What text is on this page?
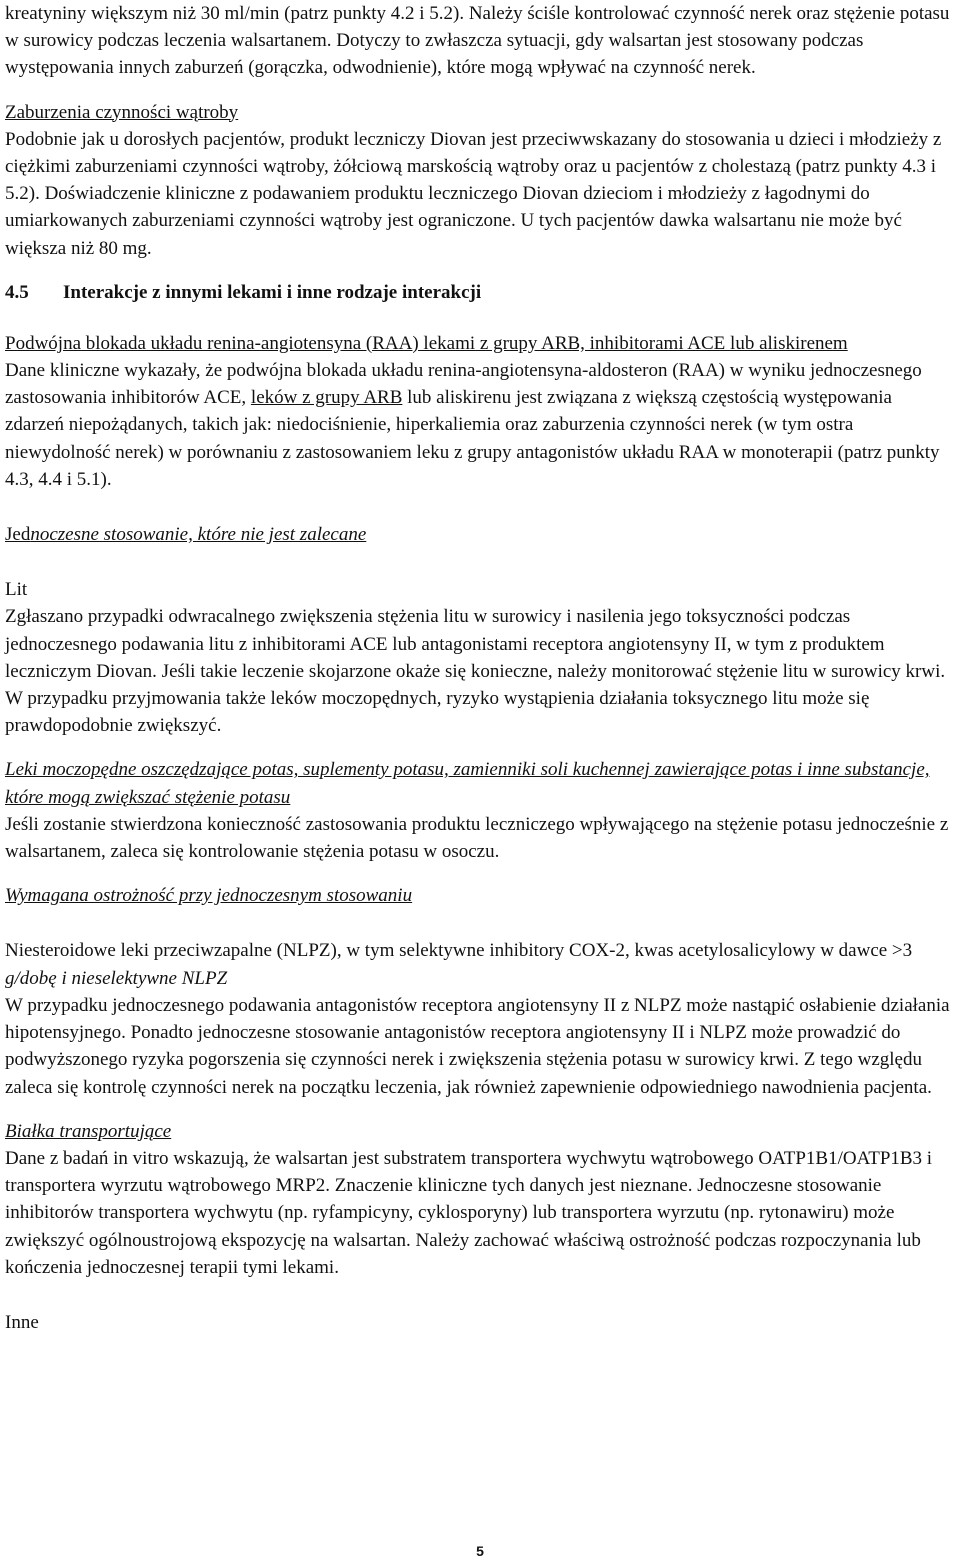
kreatyniny większym niż 30 ml/min (patrz punkty 4.2 i 5.2). Należy ściśle kontrolować czynność nerek oraz stężenie potasu w surowicy podczas leczenia walsartanem. Dotyczy to zwłaszcza sytuacji, gdy walsartan jest stosowany podczas występowania innych zaburzeń (gorączka, odwodnienie), które mogą wpływać na czynność nerek.

Zaburzenia czynności wątroby

Podobnie jak u dorosłych pacjentów, produkt leczniczy Diovan jest przeciwwskazany do stosowania u dzieci i młodzieży z ciężkimi zaburzeniami czynności wątroby, żółciową marskością wątroby oraz u pacjentów z cholestazą (patrz punkty 4.3 i 5.2). Doświadczenie kliniczne z podawaniem produktu leczniczego Diovan dzieciom i młodzieży z łagodnymi do umiarkowanych zaburzeniami czynności wątroby jest ograniczone. U tych pacjentów dawka walsartanu nie może być większa niż 80 mg.

4.5 Interakcje z innymi lekami i inne rodzaje interakcji

Podwójna blokada układu renina-angiotensyna (RAA) lekami z grupy ARB, inhibitorami ACE lub aliskirenem

Dane kliniczne wykazały, że podwójna blokada układu renina-angiotensyna-aldosteron (RAA) w wyniku jednoczesnego zastosowania inhibitorów ACE, leków z grupy ARB lub aliskirenu jest związana z większą częstością występowania zdarzeń niepożądanych, takich jak: niedociśnienie, hiperkaliemia oraz zaburzenia czynności nerek (w tym ostra niewydolność nerek) w porównaniu z zastosowaniem leku z grupy antagonistów układu RAA w monoterapii (patrz punkty 4.3, 4.4 i 5.1).

Jednoczesne stosowanie, które nie jest zalecane

Lit

Zgłaszano przypadki odwracalnego zwiększenia stężenia litu w surowicy i nasilenia jego toksyczności podczas jednoczesnego podawania litu z inhibitorami ACE lub antagonistami receptora angiotensyny II, w tym z produktem leczniczym Diovan. Jeśli takie leczenie skojarzone okaże się konieczne, należy monitorować stężenie litu w surowicy krwi. W przypadku przyjmowania także leków moczopędnych, ryzyko wystąpienia działania toksycznego litu może się prawdopodobnie zwiększyć.

Leki moczopędne oszczędzające potas, suplementy potasu, zamienniki soli kuchennej zawierające potas i inne substancje, które mogą zwiększać stężenie potasu

Jeśli zostanie stwierdzona konieczność zastosowania produktu leczniczego wpływającego na stężenie potasu jednocześnie z walsartanem, zaleca się kontrolowanie stężenia potasu w osoczu.

Wymagana ostrożność przy jednoczesnym stosowaniu

Niesteroidowe leki przeciwzapalne (NLPZ), w tym selektywne inhibitory COX-2, kwas acetylosalicylowy w dawce >3 g/dobę i nieselektywne NLPZ

W przypadku jednoczesnego podawania antagonistów receptora angiotensyny II z NLPZ może nastąpić osłabienie działania hipotensyjnego. Ponadto jednoczesne stosowanie antagonistów receptora angiotensyny II i NLPZ może prowadzić do podwyższonego ryzyka pogorszenia się czynności nerek i zwiększenia stężenia potasu w surowicy krwi. Z tego względu zaleca się kontrolę czynności nerek na początku leczenia, jak również zapewnienie odpowiedniego nawodnienia pacjenta.

Białka transportujące

Dane z badań in vitro wskazują, że walsartan jest substratem transportera wychwytu wątrobowego OATP1B1/OATP1B3 i transportera wyrzutu wątrobowego MRP2. Znaczenie kliniczne tych danych jest nieznane. Jednoczesne stosowanie inhibitorów transportera wychwytu (np. ryfampicyny, cyklosporyny) lub transportera wyrzutu (np. rytonawiru) może zwiększyć ogólnoustrojową ekspozycję na walsartan. Należy zachować właściwą ostrożność podczas rozpoczynania lub kończenia jednoczesnej terapii tymi lekami.

Inne

5
